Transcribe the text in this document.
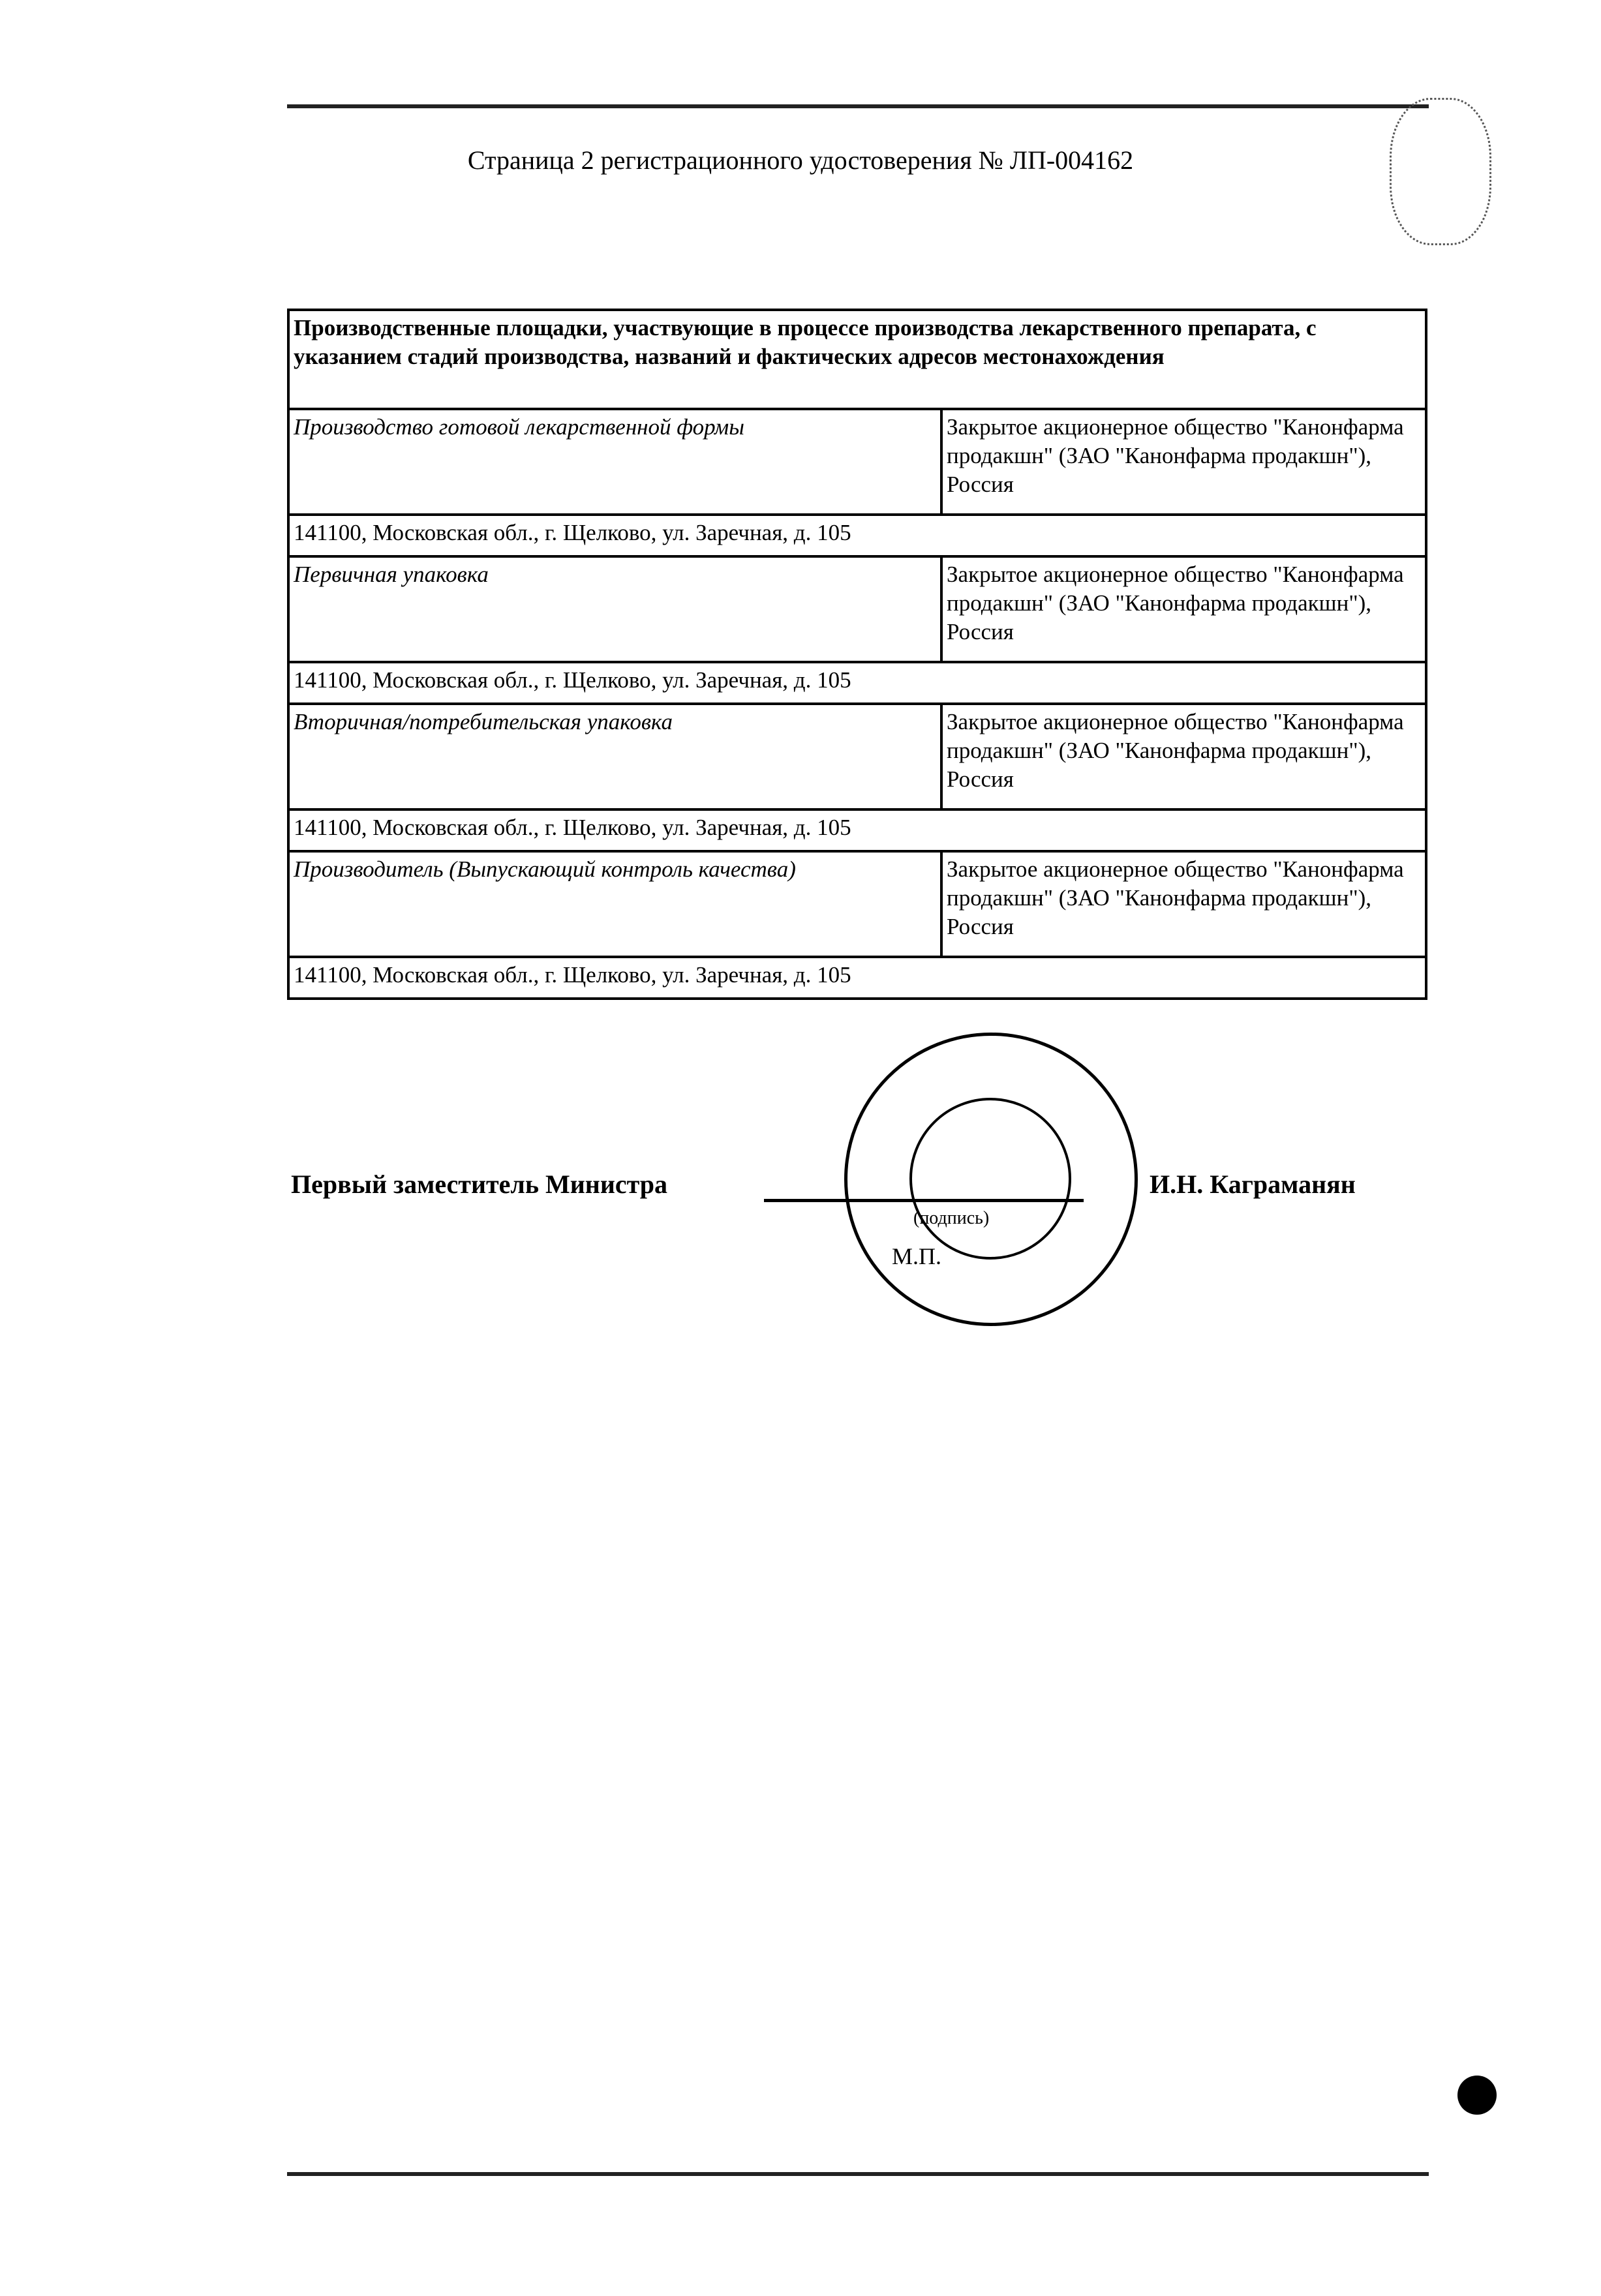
Страница 2 регистрационного удостоверения № ЛП-004162
Производственные площадки, участвующие в процессе производства лекарственного препарата, с указанием стадий производства, названий и фактических адресов местонахождения	
Производство готовой лекарственной формы	Закрытое акционерное общество "Канонфарма продакшн" (ЗАО "Канонфарма продакшн"), Россия
141100, Московская обл., г. Щелково, ул. Заречная, д. 105	
Первичная упаковка	Закрытое акционерное общество "Канонфарма продакшн" (ЗАО "Канонфарма продакшн"), Россия
141100, Московская обл., г. Щелково, ул. Заречная, д. 105	
Вторичная/потребительская упаковка	Закрытое акционерное общество "Канонфарма продакшн" (ЗАО "Канонфарма продакшн"), Россия
141100, Московская обл., г. Щелково, ул. Заречная, д. 105	
Производитель (Выпускающий контроль качества)	Закрытое акционерное общество "Канонфарма продакшн" (ЗАО "Канонфарма продакшн"), Россия
141100, Московская обл., г. Щелково, ул. Заречная, д. 105	
Первый заместитель Министра
(подпись)
М.П.
И.Н. Каграманян
